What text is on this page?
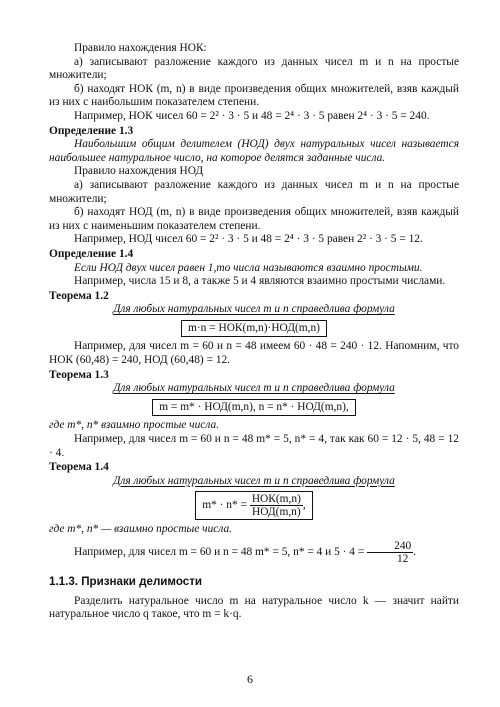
Правило нахождения НОК:

а) записывают разложение каждого из данных чисел m и n на простые множители;

б) находят НОК (m, n) в виде произведения общих множителей, взяв каждый из них с наибольшим показателем степени.

Например, НОК чисел 60 = 2² · 3 · 5 и 48 = 2⁴ · 3 · 5 равен 2⁴ · 3 · 5 = 240.

Определение 1.3

Наибольшим общим делителем (НОД) двух натуральных чисел называется наибольшее натуральное число, на которое делятся заданные числа.

Правило нахождения НОД

а) записывают разложение каждого из данных чисел m и n на простые множители;

б) находят НОД (m, n) в виде произведения общих множителей, взяв каждый из них с наименьшим показателем степени.

Например, НОД чисел 60 = 2² · 3 · 5 и 48 = 2⁴ · 3 · 5 равен 2² · 3 · 5 = 12.

Определение 1.4

Если НОД двух чисел равен 1,то числа называются взаимно простыми.

Например, числа 15 и 8, а также 5 и 4 являются взаимно простыми числами.

Теорема 1.2

Для любых натуральных чисел m и n справедлива формула

m·n = НОК(m,n)·НОД(m,n)

Например, для чисел m = 60 и n = 48 имеем 60 · 48 = 240 · 12. Напомним, что НОК (60,48) = 240, НОД (60,48) = 12.

Теорема 1.3

Для любых натуральных чисел m и n справедлива формула

m = m* · НОД(m,n), n = n* · НОД(m,n),

где m*, n* взаимно простые числа.

Например, для чисел m = 60 и n = 48 m* = 5, n* = 4, так как 60 = 12 · 5, 48 = 12 · 4.

Теорема 1.4

Для любых натуральных чисел m и n справедлива формула

$m* \cdot n* = \frac{\text{НОК(m,n)}}{\text{НОД(m,n)}}$ ,

где m*, n* — взаимно простые числа.

Например, для чисел m = 60 и n = 48 m* = 5, n* = 4 и $5 \cdot 4 = \frac{240}{12}$ .

1.1.3. Признаки делимости

Разделить натуральное число m на натуральное число k — значит найти натуральное число q такое, что m = k·q.

6
